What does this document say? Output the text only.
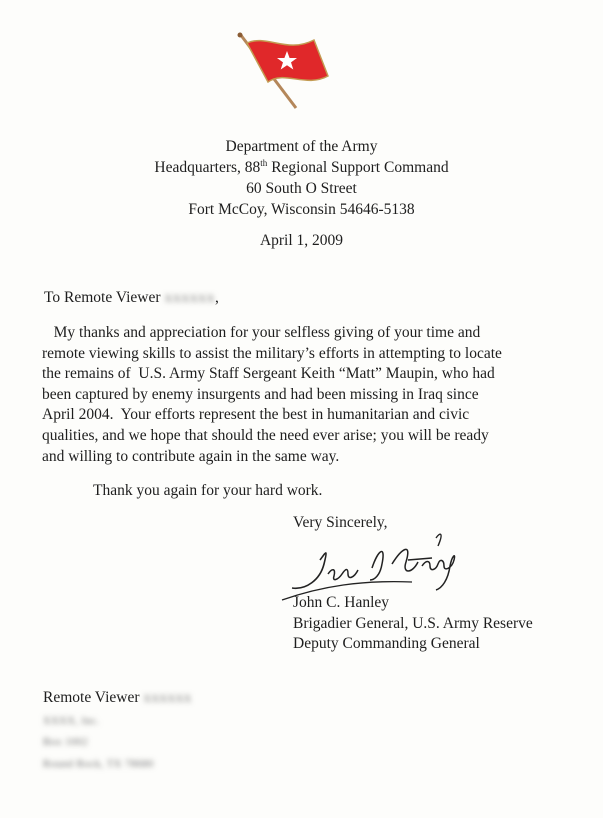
Department of the Army
Headquarters, 88th Regional Support Command
60 South O Street
Fort McCoy, Wisconsin 54646-5138
April 1, 2009
To Remote Viewer XXXXXX,
My thanks and appreciation for your selfless giving of your time and
remote viewing skills to assist the military’s efforts in attempting to locate
the remains of  U.S. Army Staff Sergeant Keith “Matt” Maupin, who had
been captured by enemy insurgents and had been missing in Iraq since
April 2004.  Your efforts represent the best in humanitarian and civic
qualities, and we hope that should the need ever arise; you will be ready
and willing to contribute again in the same way.
Thank you again for your hard work.
Very Sincerely,
John C. Hanley
Brigadier General, U.S. Army Reserve
Deputy Commanding General
Remote Viewer XXXXXX
XXXX, Inc.
Box 1002
Round Rock, TX 78680
